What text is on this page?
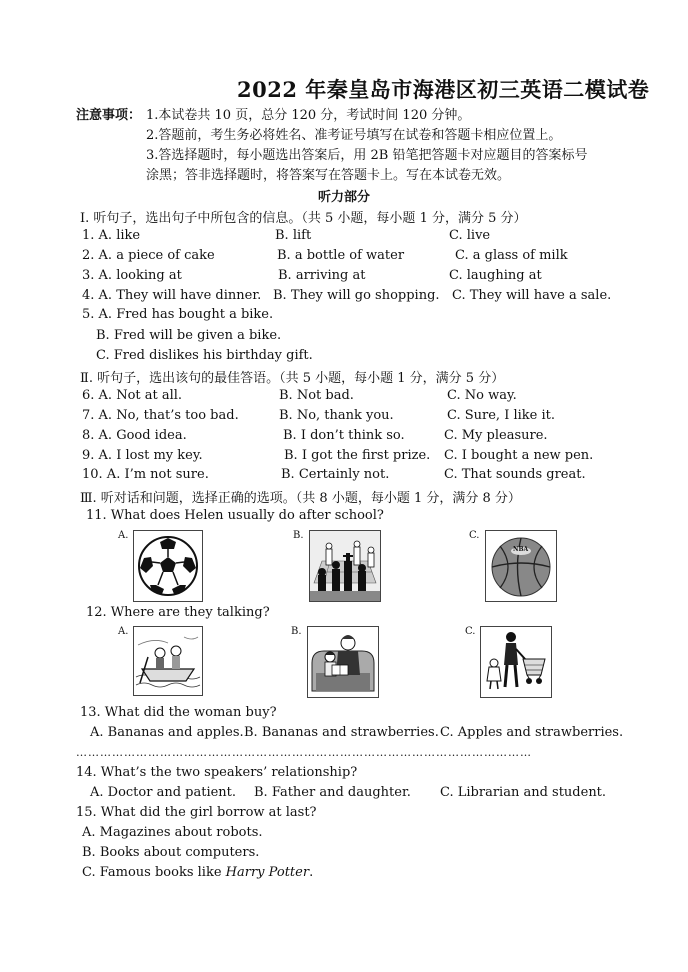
2022 年秦皇岛市海港区初三英语二模试卷
注意事项： 1.本试卷共 10 页，总分 120 分，考试时间 120 分钟。
2.答题前，考生务必将姓名、准考证号填写在试卷和答题卡相应位置上。
3.答选择题时，每小题选出答案后，用 2B 铅笔把答题卡对应题目的答案标号
涂黑；答非选择题时，将答案写在答题卡上。写在本试卷无效。
听力部分
Ⅰ. 听句子，选出句子中所包含的信息。（共 5 小题，每小题 1 分，满分 5 分）
1. A. like	B. lift	C. live
2. A. a piece of cake	B. a bottle of water	C. a glass of milk
3. A. looking at	B. arriving at	C. laughing at
4. A. They will have dinner. B. They will go shopping. C. They will have a sale.
5. A. Fred has bought a bike.
B. Fred will be given a bike.
C. Fred dislikes his birthday gift.
Ⅱ. 听句子，选出该句的最佳答语。（共 5 小题，每小题 1 分，满分 5 分）
6. A. Not at all.	B. Not bad.	C. No way.
7. A. No, that’s too bad.	B. No, thank you.	C. Sure, I like it.
8. A. Good idea.	B. I don’t think so.	C. My pleasure.
9. A. I lost my key.	B. I got the first prize. C. I bought a new pen.
10. A. I’m not sure.	B. Certainly not.	C. That sounds great.
Ⅲ. 听对话和问题，选择正确的选项。（共 8 小题，每小题 1 分，满分 8 分）
11. What does Helen usually do after school?
A.	B.	C.
NBA
12. Where are they talking?
A.	B.	C.
13. What did the woman buy?
A. Bananas and apples. B. Bananas and strawberries. C. Apples and strawberries.
……………………………………………………………………………………………………
14. What’s the two speakers’ relationship?
A. Doctor and patient. B. Father and daughter. C. Librarian and student.
15. What did the girl borrow at last?
A. Magazines about robots.
B. Books about computers.
C. Famous books like Harry Potter.
